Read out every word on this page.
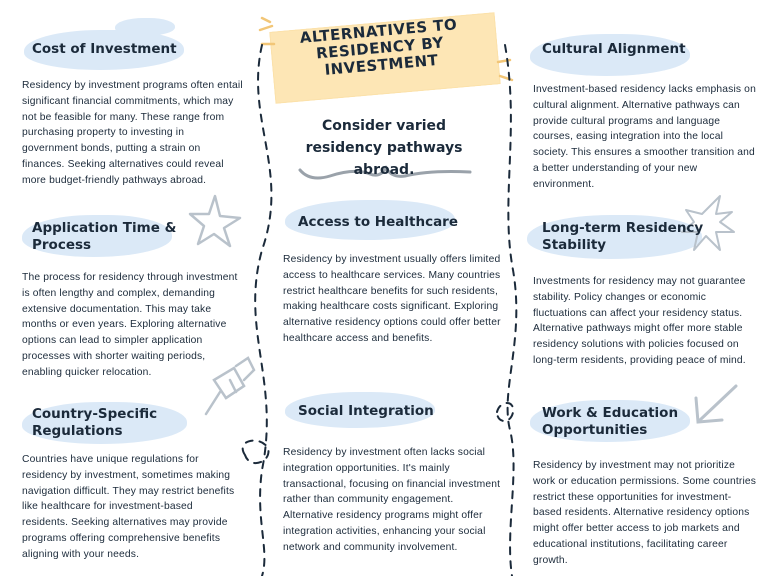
ALTERNATIVES TO RESIDENCY BY INVESTMENT

Consider varied residency pathways abroad.

Cost of Investment
Residency by investment programs often entail
significant financial commitments, which may
not be feasible for many. These range from
purchasing property to investing in
government bonds, putting a strain on
finances. Seeking alternatives could reveal
more budget-friendly pathways abroad.
Application Time &
Process
The process for residency through investment
is often lengthy and complex, demanding
extensive documentation. This may take
months or even years. Exploring alternative
options can lead to simpler application
processes with shorter waiting periods,
enabling quicker relocation.
Country-Specific
Regulations
Countries have unique regulations for
residency by investment, sometimes making
navigation difficult. They may restrict benefits
like healthcare for investment-based
residents. Seeking alternatives may provide
programs offering comprehensive benefits
aligning with your needs.
Access to Healthcare
Residency by investment usually offers limited
access to healthcare services. Many countries
restrict healthcare benefits for such residents,
making healthcare costs significant. Exploring
alternative residency options could offer better
healthcare access and benefits.
Social Integration
Residency by investment often lacks social
integration opportunities. It's mainly
transactional, focusing on financial investment
rather than community engagement.
Alternative residency programs might offer
integration activities, enhancing your social
network and community involvement.
Cultural Alignment
Investment-based residency lacks emphasis on
cultural alignment. Alternative pathways can
provide cultural programs and language
courses, easing integration into the local
society. This ensures a smoother transition and
a better understanding of your new
environment.
Long-term Residency
Stability
Investments for residency may not guarantee
stability. Policy changes or economic
fluctuations can affect your residency status.
Alternative pathways might offer more stable
residency solutions with policies focused on
long-term residents, providing peace of mind.
Work & Education
Opportunities
Residency by investment may not prioritize
work or education permissions. Some countries
restrict these opportunities for investment-
based residents. Alternative residency options
might offer better access to job markets and
educational institutions, facilitating career
growth.
